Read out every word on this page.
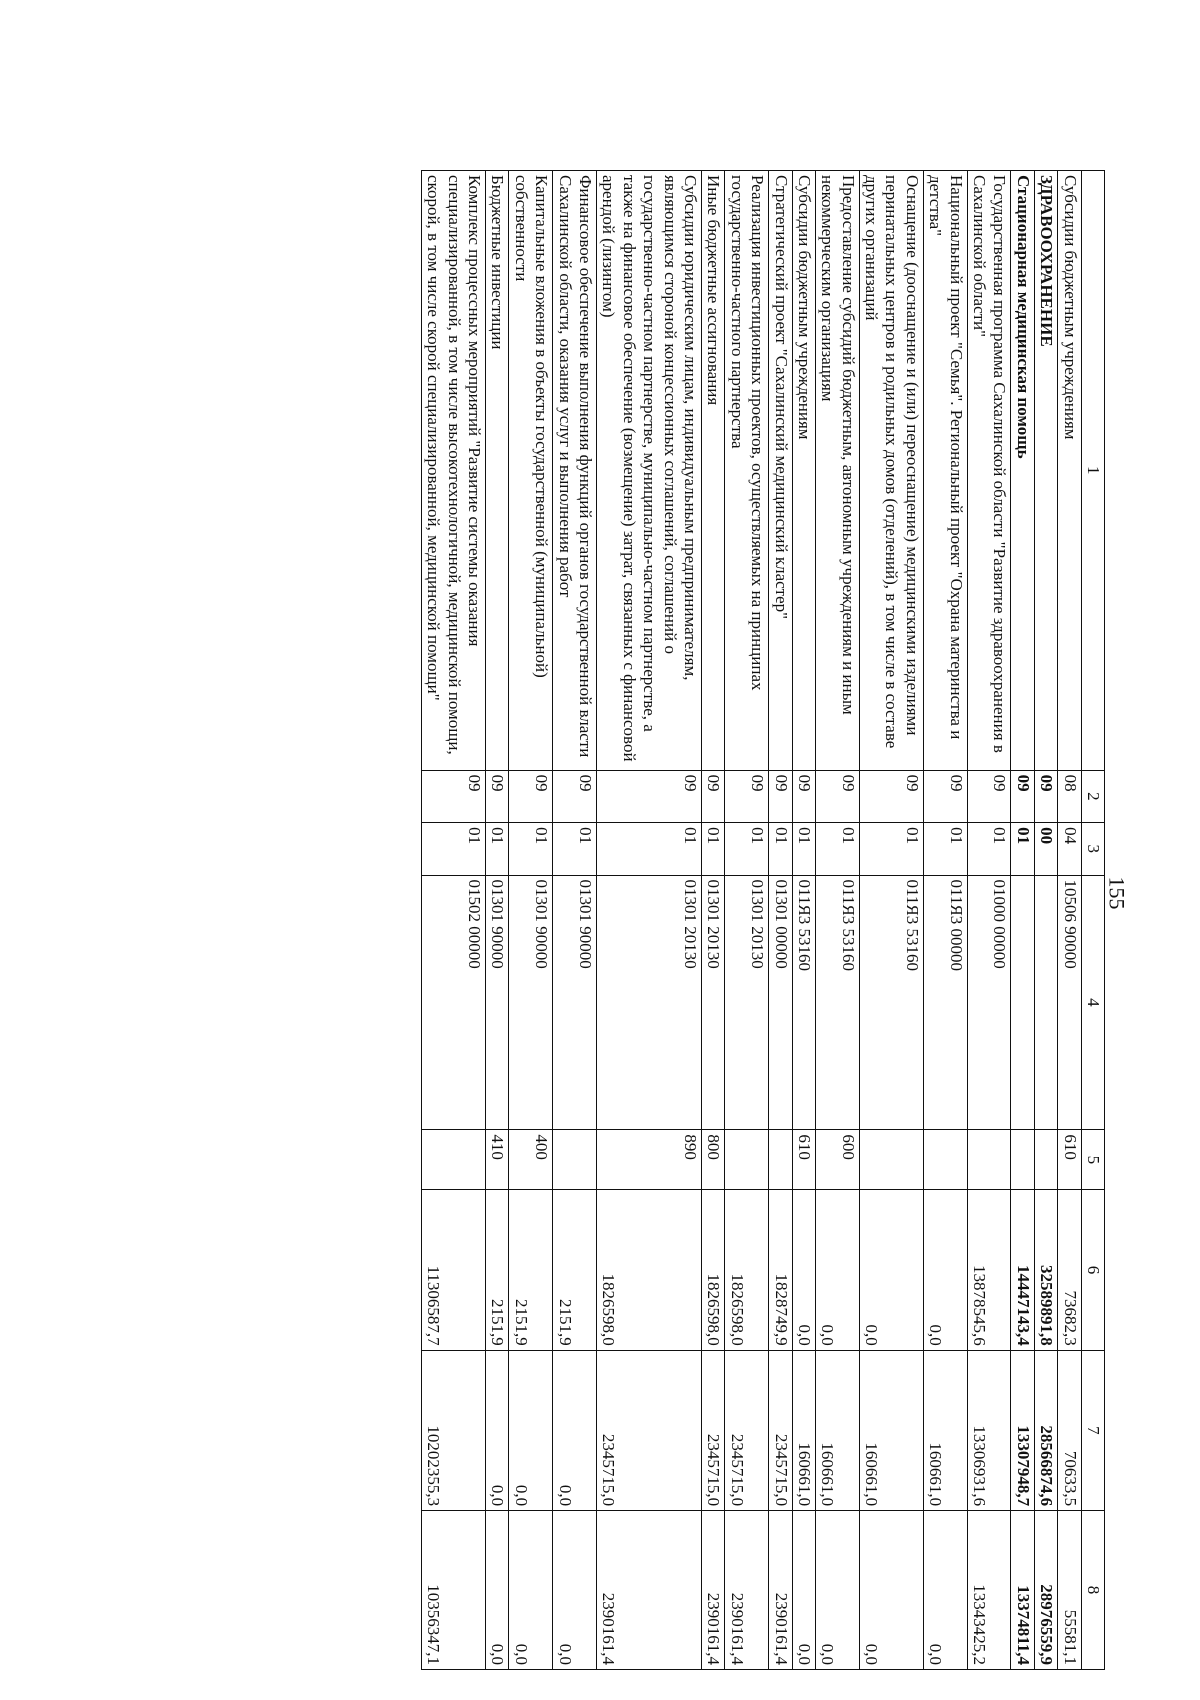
155
1	2	3	4	5	6	7	8
Субсидии бюджетным учреждениям	08	04	10506 90000	610	73682,3	70633,5	55581,1
ЗДРАВООХРАНЕНИЕ	09	00			32589891,8	28566874,6	28976559,9
Стационарная медицинская помощь	09	01			14447143,4	13307948,7	13374811,4
Государственная программа Сахалинской области "Развитие здравоохранения в Сахалинской области"	09	01	01000 00000		13878545,6	13306931,6	13343425,2
Национальный проект "Семья". Региональный проект "Охрана материнства и детства"	09	01	011Я3 00000		0,0	160661,0	0,0
Оснащение (дооснащение и (или) переоснащение) медицинскими изделиями перинатальных центров и родильных домов (отделений), в том числе в составе других организаций	09	01	011Я3 53160		0,0	160661,0	0,0
Предоставление субсидий бюджетным, автономным учреждениям и иным некоммерческим организациям	09	01	011Я3 53160	600	0,0	160661,0	0,0
Субсидии бюджетным учреждениям	09	01	011Я3 53160	610	0,0	160661,0	0,0
Стратегический проект "Сахалинский медицинский кластер"	09	01	01301 00000		1828749,9	2345715,0	2390161,4
Реализация инвестиционных проектов, осуществляемых на принципах государственно-частного партнерства	09	01	01301 20130		1826598,0	2345715,0	2390161,4
Иные бюджетные ассигнования	09	01	01301 20130	800	1826598,0	2345715,0	2390161,4
Субсидии юридическим лицам, индивидуальным предпринимателям, являющимся стороной концессионных соглашений, соглашений о государственно-частном партнерстве, муниципально-частном партнерстве, а также на финансовое обеспечение (возмещение) затрат, связанных с финансовой арендой (лизингом)	09	01	01301 20130	890	1826598,0	2345715,0	2390161,4
Финансовое обеспечение выполнения функций органов государственной власти Сахалинской области, оказания услуг и выполнения работ	09	01	01301 90000		2151,9	0,0	0,0
Капитальные вложения в объекты государственной (муниципальной) собственности	09	01	01301 90000	400	2151,9	0,0	0,0
Бюджетные инвестиции	09	01	01301 90000	410	2151,9	0,0	0,0
Комплекс процессных мероприятий "Развитие системы оказания специализированной, в том числе высокотехнологичной, медицинской помощи, скорой, в том числе скорой специализированной, медицинской помощи"	09	01	01502 00000		11306587,7	10202355,3	10356347,1
